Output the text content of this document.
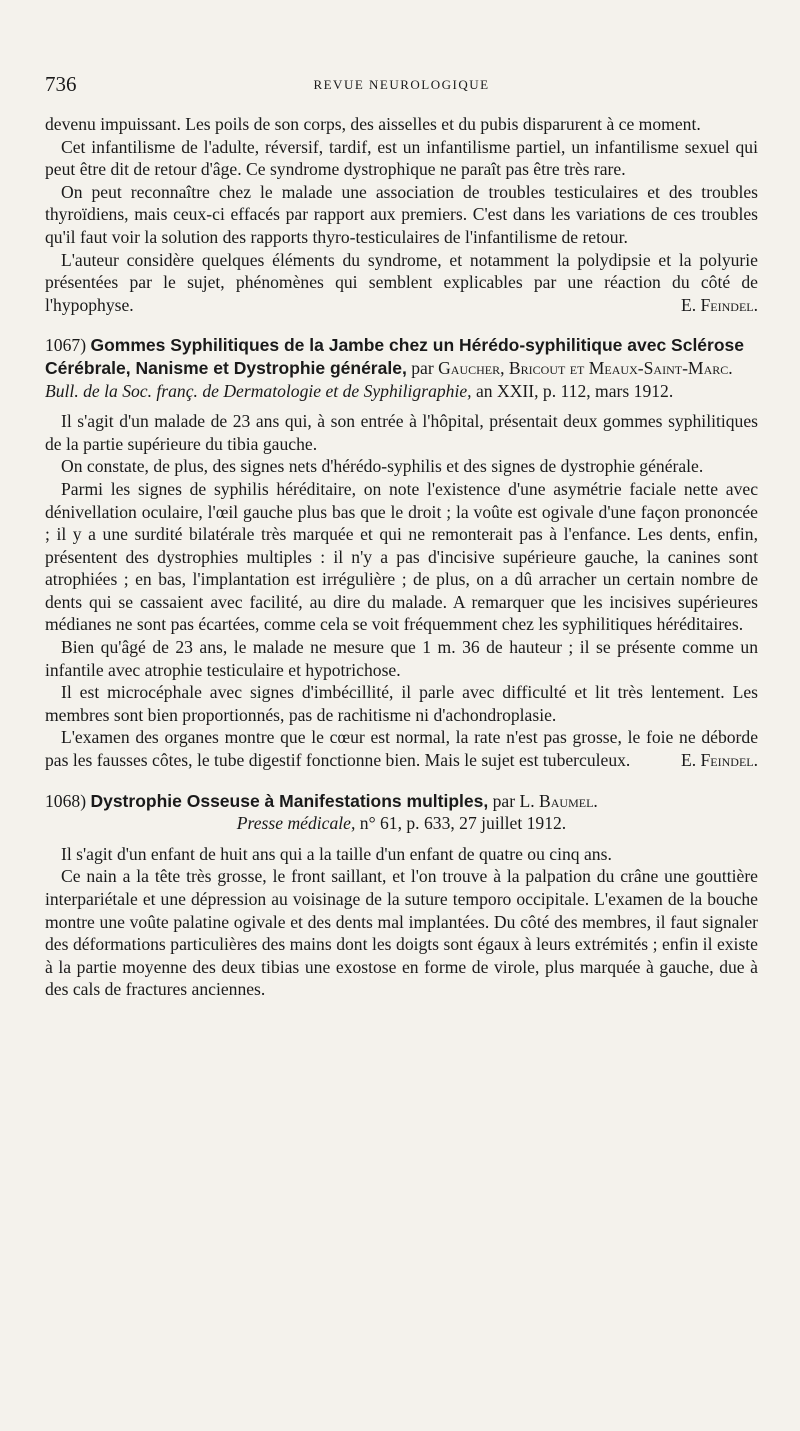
736	REVUE NEUROLOGIQUE

devenu impuissant. Les poils de son corps, des aisselles et du pubis disparurent à ce moment.

Cet infantilisme de l'adulte, réversif, tardif, est un infantilisme partiel, un infantilisme sexuel qui peut être dit de retour d'âge. Ce syndrome dystrophique ne paraît pas être très rare.

On peut reconnaître chez le malade une association de troubles testiculaires et des troubles thyroïdiens, mais ceux-ci effacés par rapport aux premiers. C'est dans les variations de ces troubles qu'il faut voir la solution des rapports thyro-testiculaires de l'infantilisme de retour.

L'auteur considère quelques éléments du syndrome, et notamment la polydipsie et la polyurie présentées par le sujet, phénomènes qui semblent explicables par une réaction du côté de l'hypophyse.	E. Feindel.

1067) Gommes Syphilitiques de la Jambe chez un Hérédo-syphilitique avec Sclérose Cérébrale, Nanisme et Dystrophie générale, par Gaucher, Bricout et Meaux-Saint-Marc. Bull. de la Soc. franç. de Dermatologie et de Syphiligraphie, an XXII, p. 112, mars 1912.

Il s'agit d'un malade de 23 ans qui, à son entrée à l'hôpital, présentait deux gommes syphilitiques de la partie supérieure du tibia gauche.

On constate, de plus, des signes nets d'hérédo-syphilis et des signes de dystrophie générale.

Parmi les signes de syphilis héréditaire, on note l'existence d'une asymétrie faciale nette avec dénivellation oculaire, l'œil gauche plus bas que le droit ; la voûte est ogivale d'une façon prononcée ; il y a une surdité bilatérale très marquée et qui ne remonterait pas à l'enfance. Les dents, enfin, présentent des dystrophies multiples : il n'y a pas d'incisive supérieure gauche, la canines sont atrophiées ; en bas, l'implantation est irrégulière ; de plus, on a dû arracher un certain nombre de dents qui se cassaient avec facilité, au dire du malade. A remarquer que les incisives supérieures médianes ne sont pas écartées, comme cela se voit fréquemment chez les syphilitiques héréditaires.

Bien qu'âgé de 23 ans, le malade ne mesure que 1 m. 36 de hauteur ; il se présente comme un infantile avec atrophie testiculaire et hypotrichose.

Il est microcéphale avec signes d'imbécillité, il parle avec difficulté et lit très lentement. Les membres sont bien proportionnés, pas de rachitisme ni d'achondroplasie.

L'examen des organes montre que le cœur est normal, la rate n'est pas grosse, le foie ne déborde pas les fausses côtes, le tube digestif fonctionne bien. Mais le sujet est tuberculeux.	E. Feindel.

1068) Dystrophie Osseuse à Manifestations multiples, par L. Baumel.
Presse médicale, n° 61, p. 633, 27 juillet 1912.

Il s'agit d'un enfant de huit ans qui a la taille d'un enfant de quatre ou cinq ans.

Ce nain a la tête très grosse, le front saillant, et l'on trouve à la palpation du crâne une gouttière interpariétale et une dépression au voisinage de la suture temporo occipitale. L'examen de la bouche montre une voûte palatine ogivale et des dents mal implantées. Du côté des membres, il faut signaler des déformations particulières des mains dont les doigts sont égaux à leurs extrémités ; enfin il existe à la partie moyenne des deux tibias une exostose en forme de virole, plus marquée à gauche, due à des cals de fractures anciennes.
